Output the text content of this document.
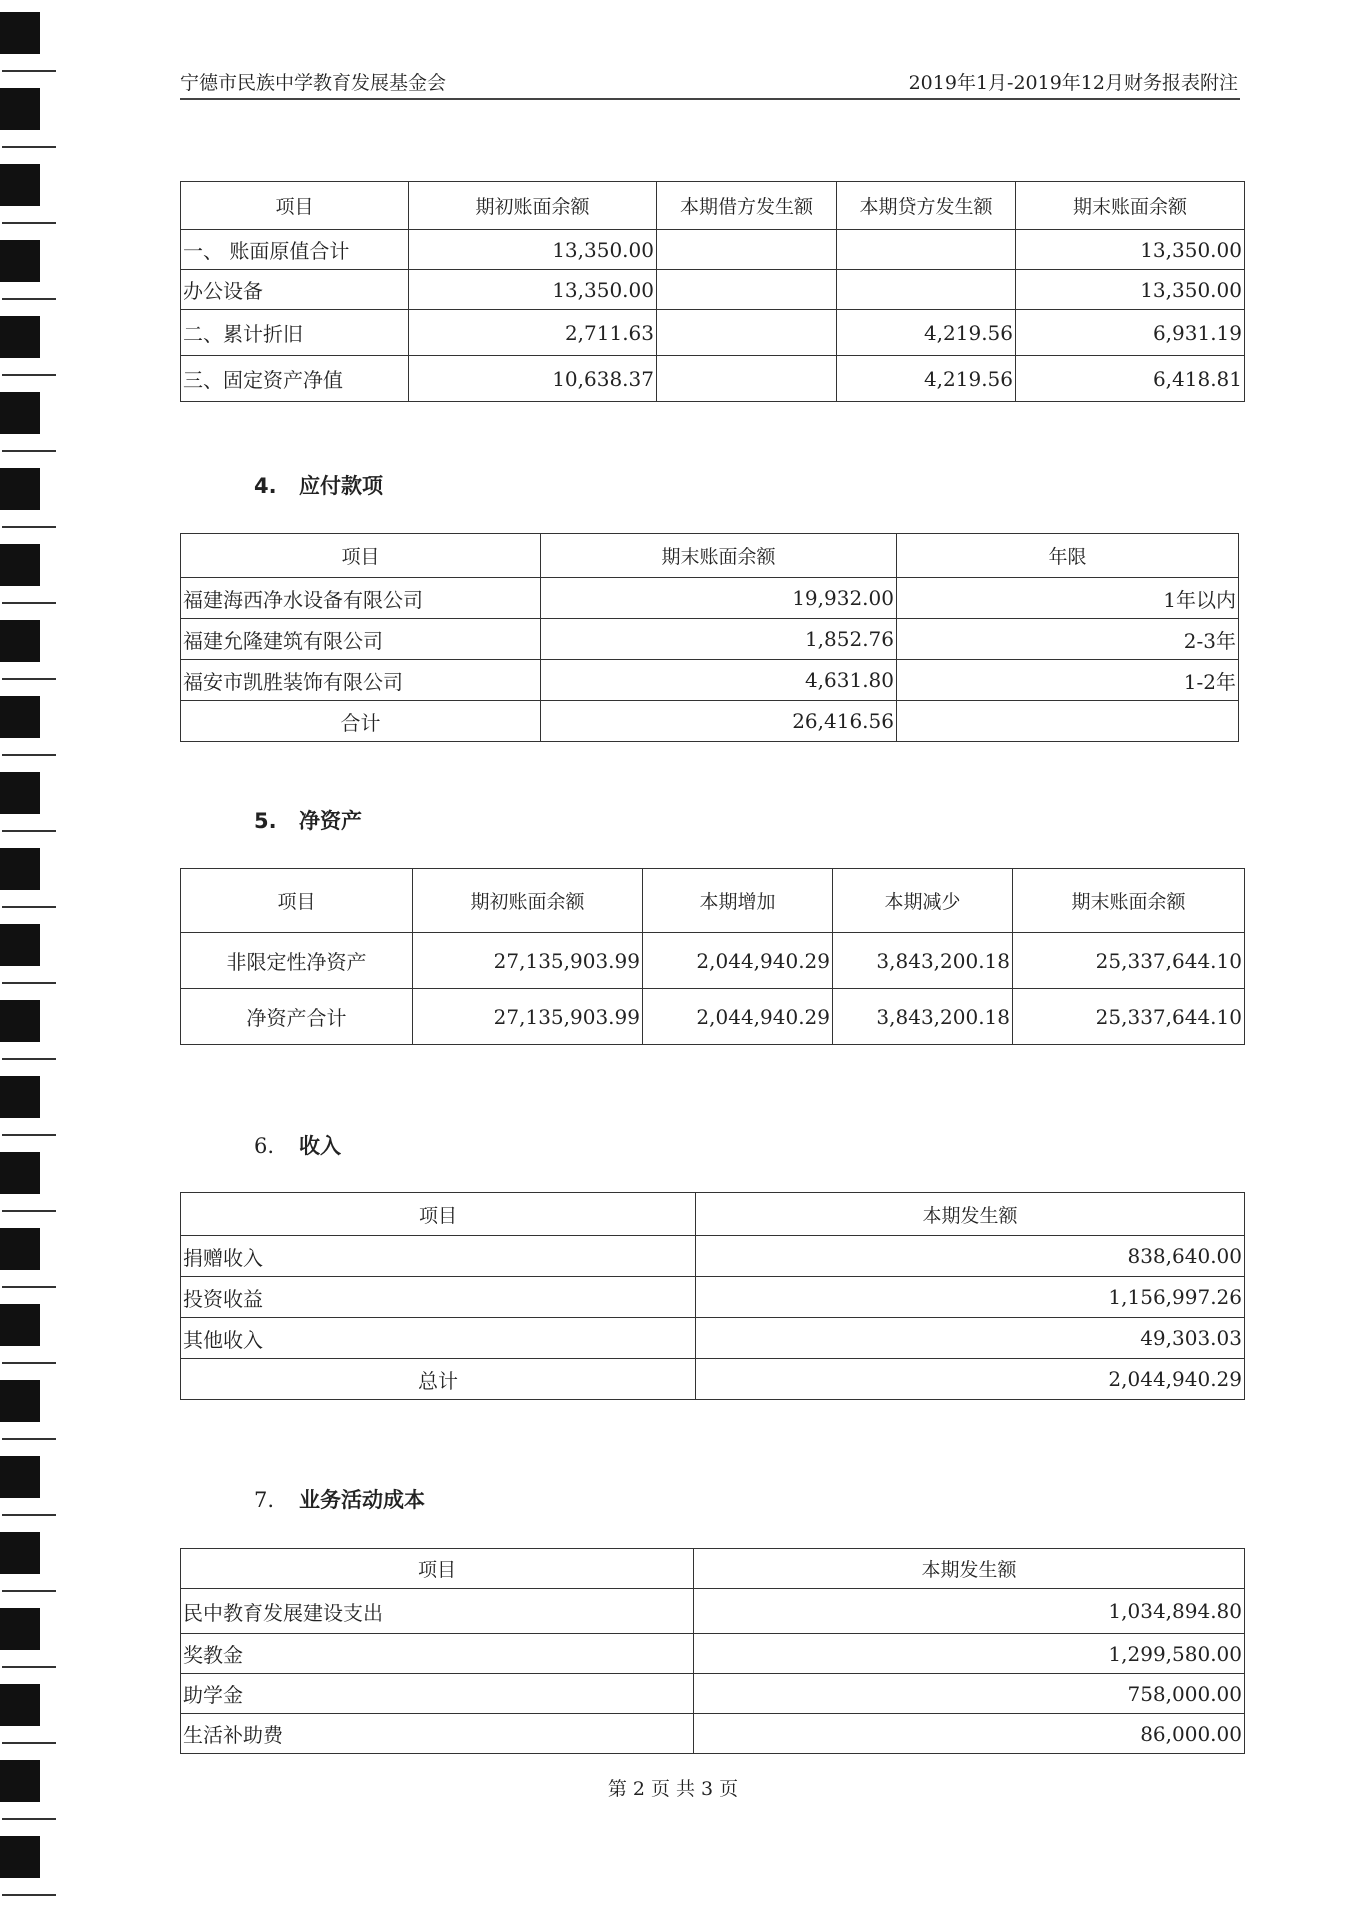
宁德市民族中学教育发展基金会	2019年1月-2019年12月财务报表附注
项目	期初账面余额	本期借方发生额	本期贷方发生额	期末账面余额
一、 账面原值合计	13,350.00			13,350.00
办公设备	13,350.00			13,350.00
二、累计折旧	2,711.63		4,219.56	6,931.19
三、固定资产净值	10,638.37		4,219.56	6,418.81
4. 应付款项
项目	期末账面余额	年限
福建海西净水设备有限公司	19,932.00	1年以内
福建允隆建筑有限公司	1,852.76	2-3年
福安市凯胜装饰有限公司	4,631.80	1-2年
合计	26,416.56	
5. 净资产
项目	期初账面余额	本期增加	本期减少	期末账面余额
非限定性净资产	27,135,903.99	2,044,940.29	3,843,200.18	25,337,644.10
净资产合计	27,135,903.99	2,044,940.29	3,843,200.18	25,337,644.10
6. 收入
项目	本期发生额
捐赠收入	838,640.00
投资收益	1,156,997.26
其他收入	49,303.03
总计	2,044,940.29
7. 业务活动成本
项目	本期发生额
民中教育发展建设支出	1,034,894.80
奖教金	1,299,580.00
助学金	758,000.00
生活补助费	86,000.00
第 2 页 共 3 页
